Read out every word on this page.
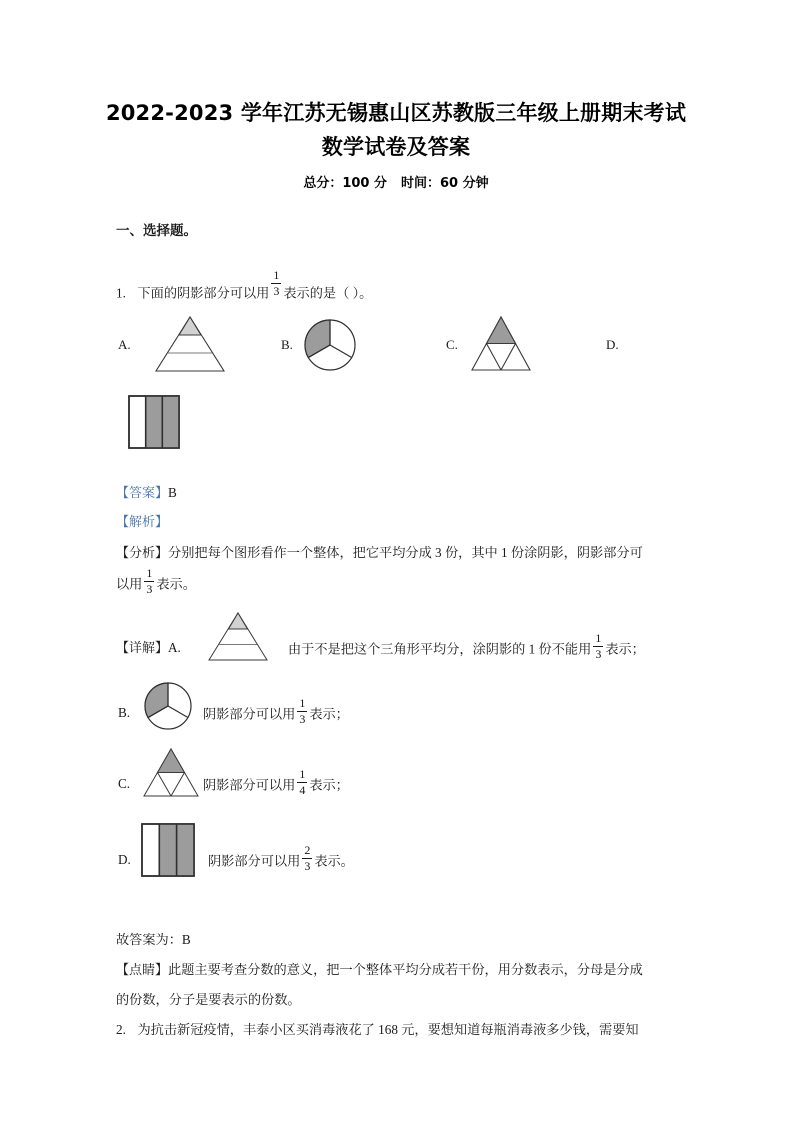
2022-2023 学年江苏无锡惠山区苏教版三年级上册期末考试
数学试卷及答案
总分：100 分 时间：60 分钟
一、选择题。
1. 下面的阴影部分可以用 $\frac{1}{3}$ 表示的是（ ）。
A.	B.	C.	D.
【答案】B
【解析】
【分析】分别把每个图形看作一个整体，把它平均分成 3 份，其中 1 份涂阴影，阴影部分可
以用 $\frac{1}{3}$ 表示。
【详解】A.	由于不是把这个三角形平均分，涂阴影的 1 份不能用 $\frac{1}{3}$ 表示；
B.	阴影部分可以用 $\frac{1}{3}$ 表示；
C.	阴影部分可以用 $\frac{1}{4}$ 表示；
D.	阴影部分可以用 $\frac{2}{3}$ 表示。
故答案为：B
【点睛】此题主要考查分数的意义，把一个整体平均分成若干份，用分数表示，分母是分成
的份数，分子是要表示的份数。
2. 为抗击新冠疫情，丰泰小区买消毒液花了 168 元，要想知道每瓶消毒液多少钱，需要知
